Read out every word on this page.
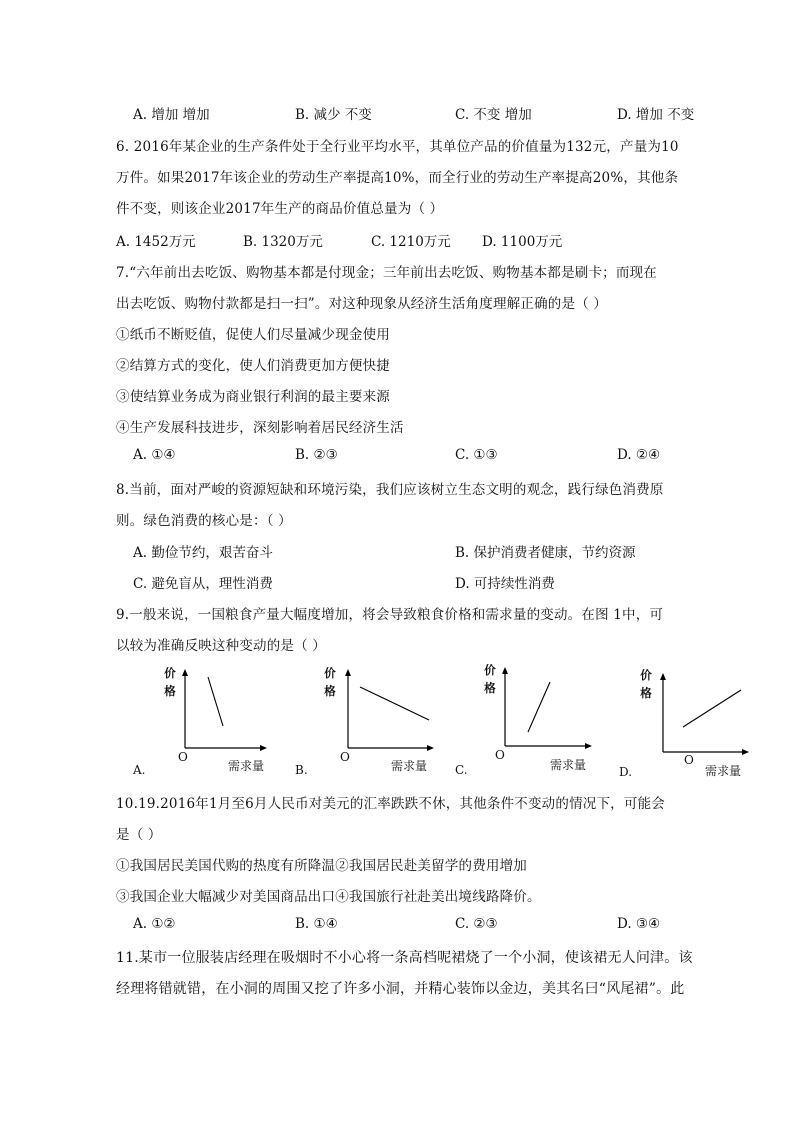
A. 增加 增加	B. 减少 不变	C. 不变 增加	D. 增加 不变
6. 2016年某企业的生产条件处于全行业平均水平，其单位产品的价值量为132元，产量为10
万件。如果2017年该企业的劳动生产率提高10%，而全行业的劳动生产率提高20%，其他条
件不变，则该企业2017年生产的商品价值总量为（ ）
A. 1452万元	B. 1320万元	C. 1210万元 D. 1100万元
7.“六年前出去吃饭、购物基本都是付现金；三年前出去吃饭、购物基本都是刷卡；而现在
出去吃饭、购物付款都是扫一扫”。对这种现象从经济生活角度理解正确的是（ ）
①纸币不断贬值，促使人们尽量减少现金使用
②结算方式的变化，使人们消费更加方便快捷
③使结算业务成为商业银行利润的最主要来源
④生产发展科技进步，深刻影响着居民经济生活
A. ①④	B. ②③	C. ①③	D. ②④
8.当前，面对严峻的资源短缺和环境污染，我们应该树立生态文明的观念，践行绿色消费原
则。绿色消费的核心是：（ ）
A. 勤俭节约，艰苦奋斗	B. 保护消费者健康，节约资源
C. 避免盲从，理性消费	D. 可持续性消费
9.一般来说，一国粮食产量大幅度增加，将会导致粮食价格和需求量的变动。在图 1中，可
以较为准确反映这种变动的是（ ）
价
格
O
需求量
A.
价
格
O
需求量
B.
价
格
O
需求量
C.
价
格
O
需求量
D.
10.19.2016年1月至6月人民币对美元的汇率跌跌不休，其他条件不变动的情况下，可能会
是（ ）
①我国居民美国代购的热度有所降温②我国居民赴美留学的费用增加
③我国企业大幅减少对美国商品出口④我国旅行社赴美出境线路降价。
A. ①②	B. ①④	C. ②③	D. ③④
11.某市一位服装店经理在吸烟时不小心将一条高档呢裙烧了一个小洞，使该裙无人问津。该
经理将错就错，在小洞的周围又挖了许多小洞，并精心装饰以金边，美其名曰“风尾裙”。此
